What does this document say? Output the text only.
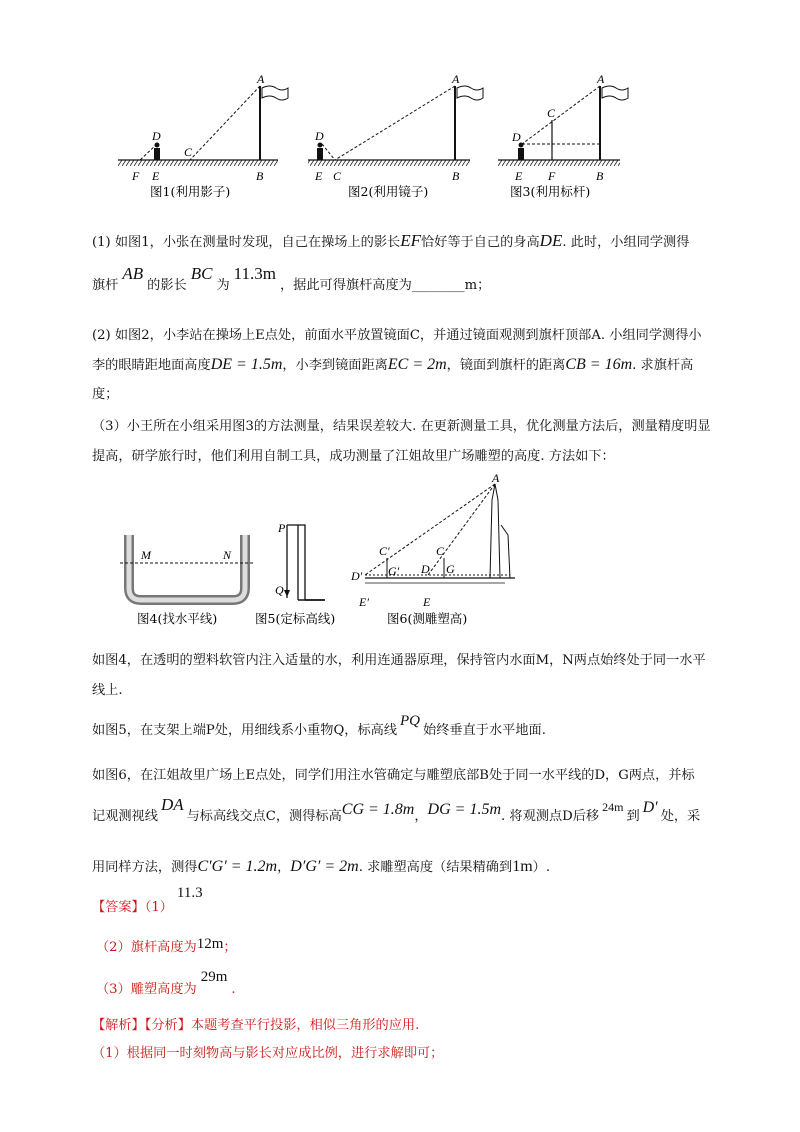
A
D
C
F E	B
图1(利用影子)
A
D
E C	B
图2(利用镜子)
A
C
D
E F	B
图3(利用标杆)
(1) 如图1，小张在测量时发现，自己在操场上的影长EF恰好等于自己的身高DE. 此时，小组同学测得
旗杆AB的影长BC为11.3m，据此可得旗杆高度为________m；
(2) 如图2，小李站在操场上E点处，前面水平放置镜面C，并通过镜面观测到旗杆顶部A. 小组同学测得小
李的眼睛距地面高度DE = 1.5m，小李到镜面距离EC = 2m，镜面到旗杆的距离CB = 16m. 求旗杆高
度；
（3）小王所在小组采用图3的方法测量，结果误差较大. 在更新测量工具，优化测量方法后，测量精度明显
提高，研学旅行时，他们利用自制工具，成功测量了江姐故里广场雕塑的高度. 方法如下：
M	N
图4(找水平线)
P
Q
图5(定标高线)
A
C′	C
D′ G′ D G
E′	E
图6(测雕塑高)
如图4，在透明的塑料软管内注入适量的水，利用连通器原理，保持管内水面M，N两点始终处于同一水平
线上.
如图5，在支架上端P处，用细线系小重物Q，标高线PQ始终垂直于水平地面.
如图6，在江姐故里广场上E点处，同学们用注水管确定与雕塑底部B处于同一水平线的D，G两点，并标
记观测视线DA与标高线交点C，测得标高CG = 1.8m，DG = 1.5m. 将观测点D后移24m到D′处，采
用同样方法，测得C′G′ = 1.2m，D′G′ = 2m. 求雕塑高度（结果精确到1m）.
【答案】（1）11.3
（2）旗杆高度为12m；
（3）雕塑高度为29m.
【解析】【分析】本题考查平行投影，相似三角形的应用.
（1）根据同一时刻物高与影长对应成比例，进行求解即可；
